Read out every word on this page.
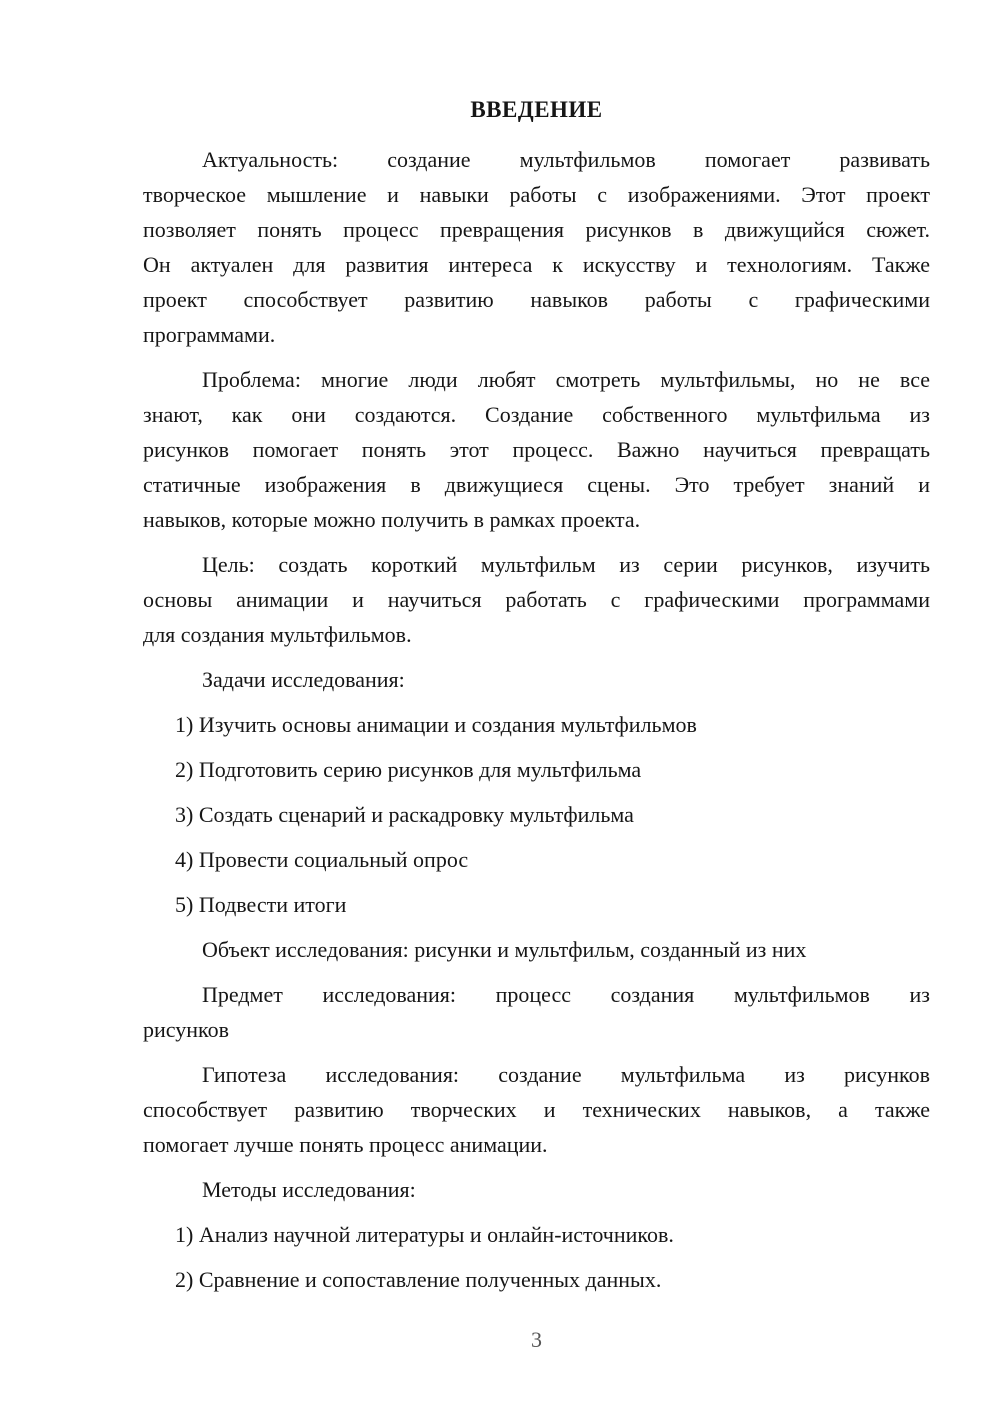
ВВЕДЕНИЕ
Актуальность: создание мультфильмов помогает развивать
творческое мышление и навыки работы с изображениями. Этот проект
позволяет понять процесс превращения рисунков в движущийся сюжет.
Он актуален для развития интереса к искусству и технологиям. Также
проект способствует развитию навыков работы с графическими
программами.
Проблема: многие люди любят смотреть мультфильмы, но не все
знают, как они создаются. Создание собственного мультфильма из
рисунков помогает понять этот процесс. Важно научиться превращать
статичные изображения в движущиеся сцены. Это требует знаний и
навыков, которые можно получить в рамках проекта.
Цель: создать короткий мультфильм из серии рисунков, изучить
основы анимации и научиться работать с графическими программами
для создания мультфильмов.
Задачи исследования:
1) Изучить основы анимации и создания мультфильмов
2) Подготовить серию рисунков для мультфильма
3) Создать сценарий и раскадровку мультфильма
4) Провести социальный опрос
5) Подвести итоги
Объект исследования: рисунки и мультфильм, созданный из них
Предмет исследования: процесс создания мультфильмов из
рисунков
Гипотеза исследования: создание мультфильма из рисунков
способствует развитию творческих и технических навыков, а также
помогает лучше понять процесс анимации.
Методы исследования:
1) Анализ научной литературы и онлайн-источников.
2) Сравнение и сопоставление полученных данных.
3
